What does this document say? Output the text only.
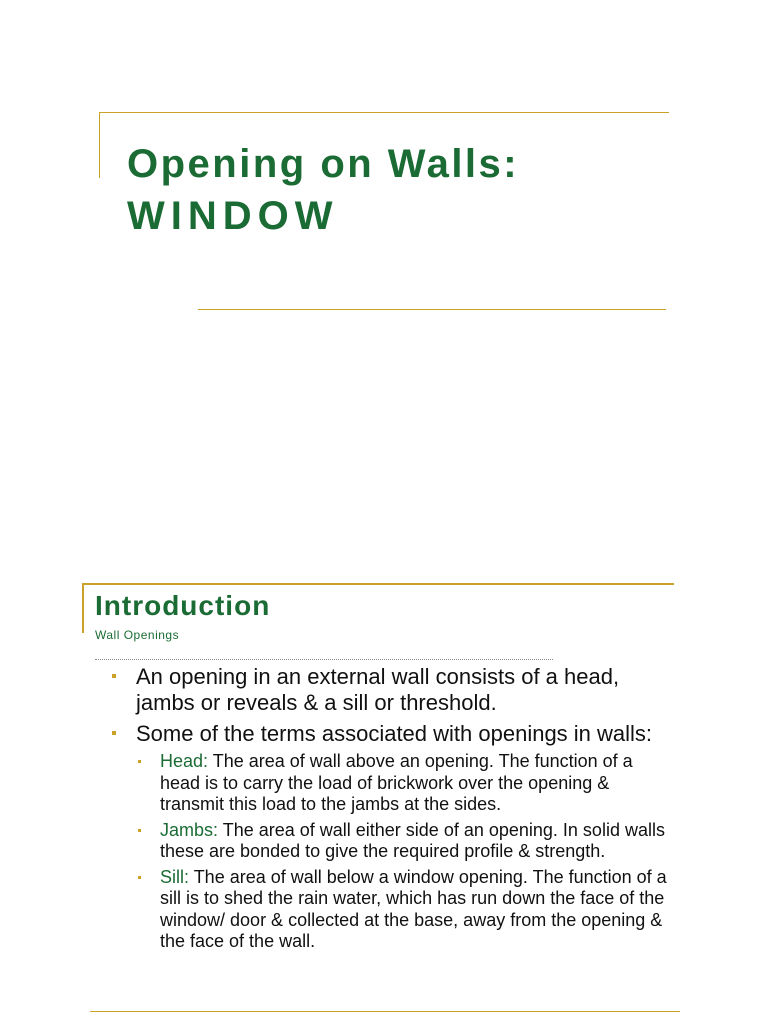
Opening on Walls:
WINDOW
Introduction

Wall Openings

An opening in an external wall consists of a head, jambs or reveals & a sill or threshold.
Some of the terms associated with openings in walls:
Head: The area of wall above an opening. The function of a head is to carry the load of brickwork over the opening & transmit this load to the jambs at the sides.
Jambs: The area of wall either side of an opening. In solid walls these are bonded to give the required profile & strength.
Sill: The area of wall below a window opening. The function of a sill is to shed the rain water, which has run down the face of the window/ door & collected at the base, away from the opening & the face of the wall.
